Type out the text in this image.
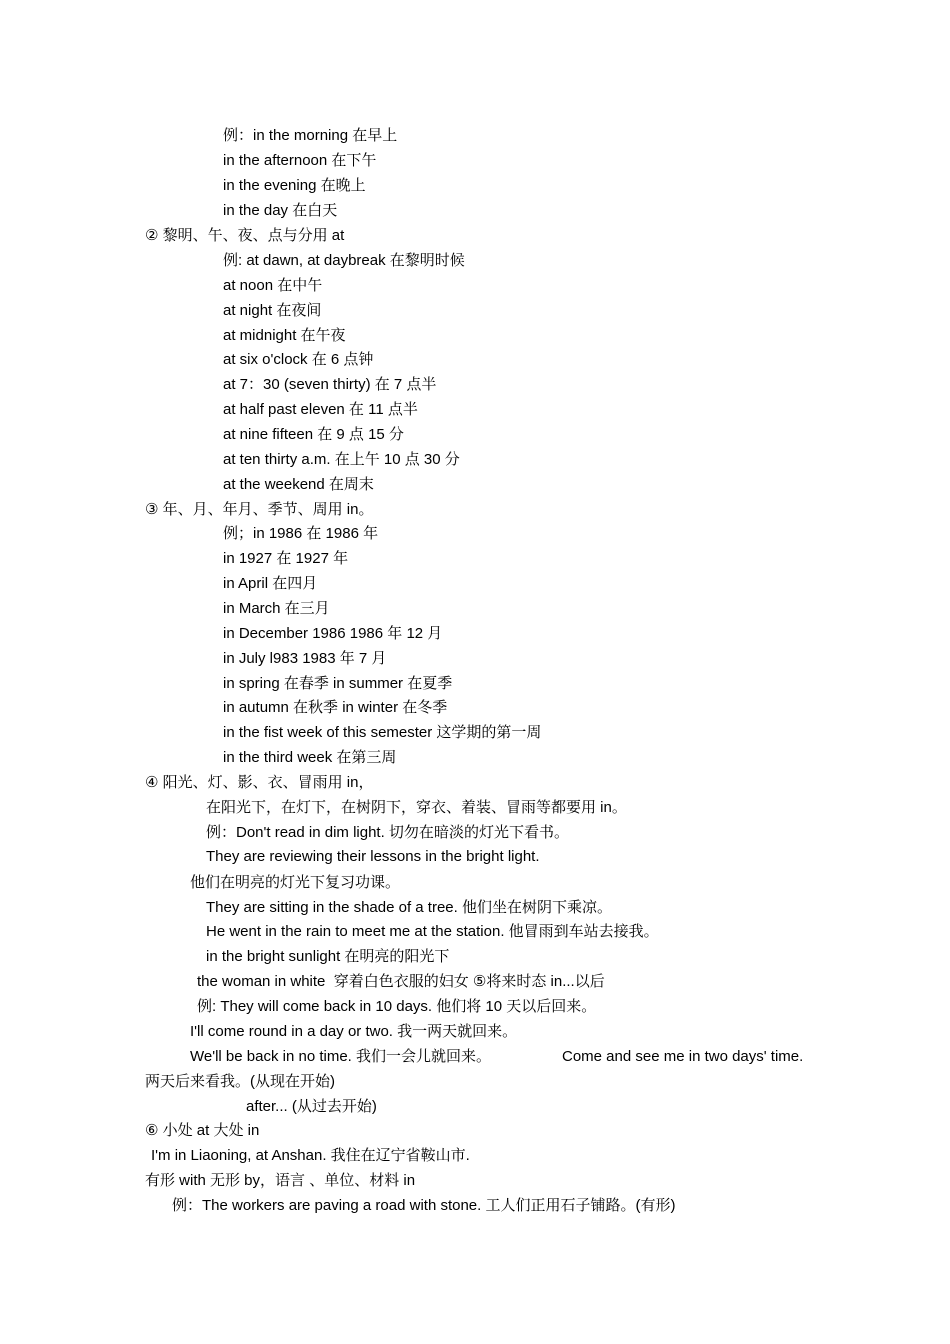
例：in the morning 在早上
in the afternoon 在下午
in the evening 在晚上
in the day 在白天
② 黎明、午、夜、点与分用 at
例: at dawn, at daybreak 在黎明时候
at noon 在中午
at night 在夜间
at midnight 在午夜
at six o'clock 在 6 点钟
at 7：30 (seven thirty) 在 7 点半
at half past eleven 在 11 点半
at nine fifteen 在 9 点 15 分
at ten thirty a.m. 在上午 10 点 30 分
at the weekend 在周末
③ 年、月、年月、季节、周用 in。
例；in 1986 在 1986 年
in 1927 在 1927 年
in April 在四月
in March 在三月
in December 1986 1986 年 12 月
in July l983 1983 年 7 月
in spring 在春季 in summer 在夏季
in autumn 在秋季 in winter 在冬季
in the fist week of this semester 这学期的第一周
in the third week 在第三周
④ 阳光、灯、影、衣、冒雨用 in，
在阳光下，在灯下，在树阴下，穿衣、着装、冒雨等都要用 in。
例：Don't read in dim light. 切勿在暗淡的灯光下看书。
They are reviewing their lessons in the bright light.
他们在明亮的灯光下复习功课。
They are sitting in the shade of a tree. 他们坐在树阴下乘凉。
He went in the rain to meet me at the station. 他冒雨到车站去接我。
in the bright sunlight 在明亮的阳光下
the woman in white  穿着白色衣服的妇女 ⑤将来时态 in...以后
例: They will come back in 10 days. 他们将 10 天以后回来。
I'll come round in a day or two. 我一两天就回来。
We'll be back in no time. 我们一会儿就回来。	Come and see me in two days' time.
两天后来看我。(从现在开始)
after... (从过去开始)
⑥ 小处 at 大处 in
I'm in Liaoning, at Anshan. 我住在辽宁省鞍山市.
有形 with 无形 by，语言 、单位、材料 in
例：The workers are paving a road with stone. 工人们正用石子铺路。(有形)
